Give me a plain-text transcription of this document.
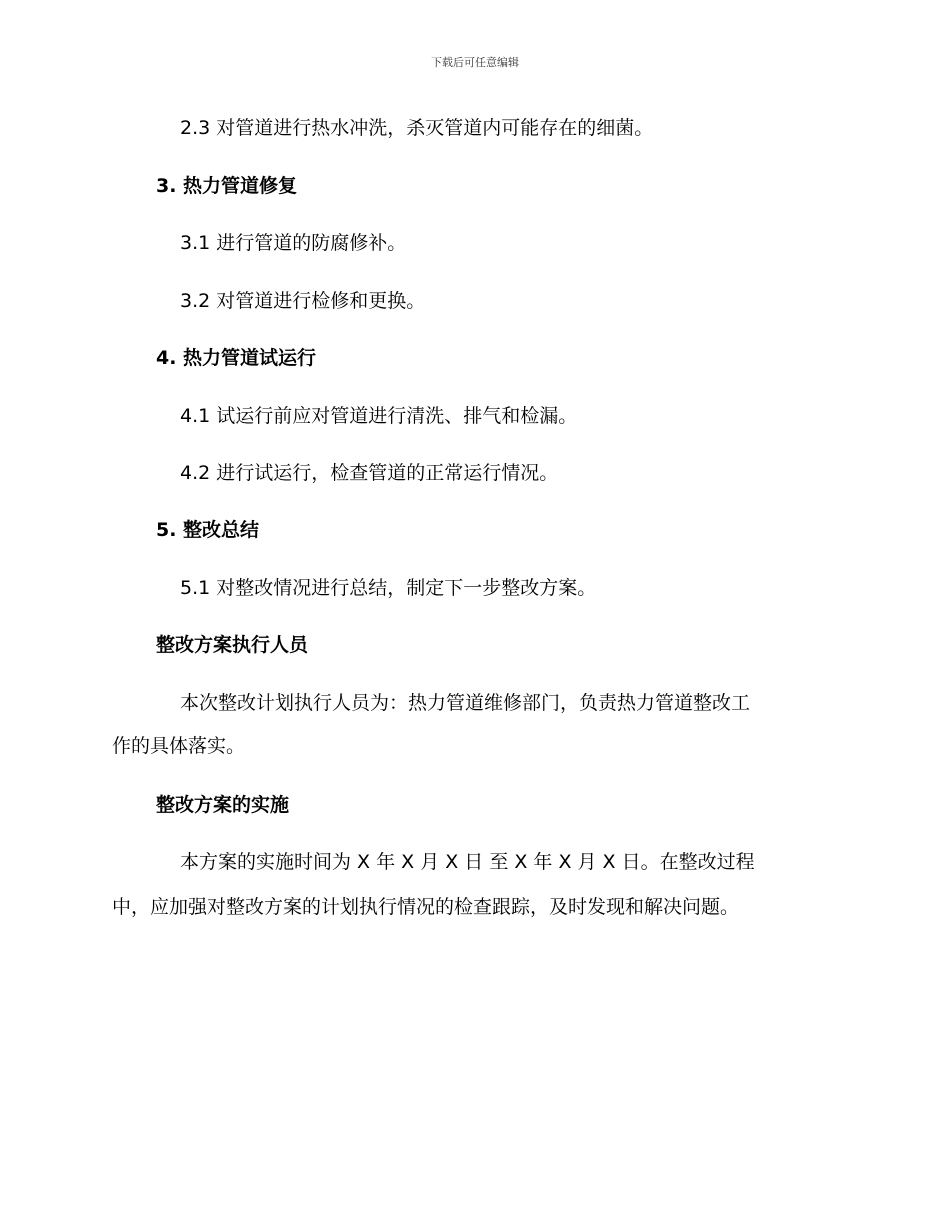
下载后可任意编辑
2.3 对管道进行热水冲洗，杀灭管道内可能存在的细菌。
3. 热力管道修复
3.1 进行管道的防腐修补。
3.2 对管道进行检修和更换。
4. 热力管道试运行
4.1 试运行前应对管道进行清洗、排气和检漏。
4.2 进行试运行，检查管道的正常运行情况。
5. 整改总结
5.1 对整改情况进行总结，制定下一步整改方案。
整改方案执行人员
本次整改计划执行人员为：热力管道维修部门，负责热力管道整改工
作的具体落实。
整改方案的实施
本方案的实施时间为 X 年 X 月 X 日 至 X 年 X 月 X 日。在整改过程
中，应加强对整改方案的计划执行情况的检查跟踪，及时发现和解决问题。
